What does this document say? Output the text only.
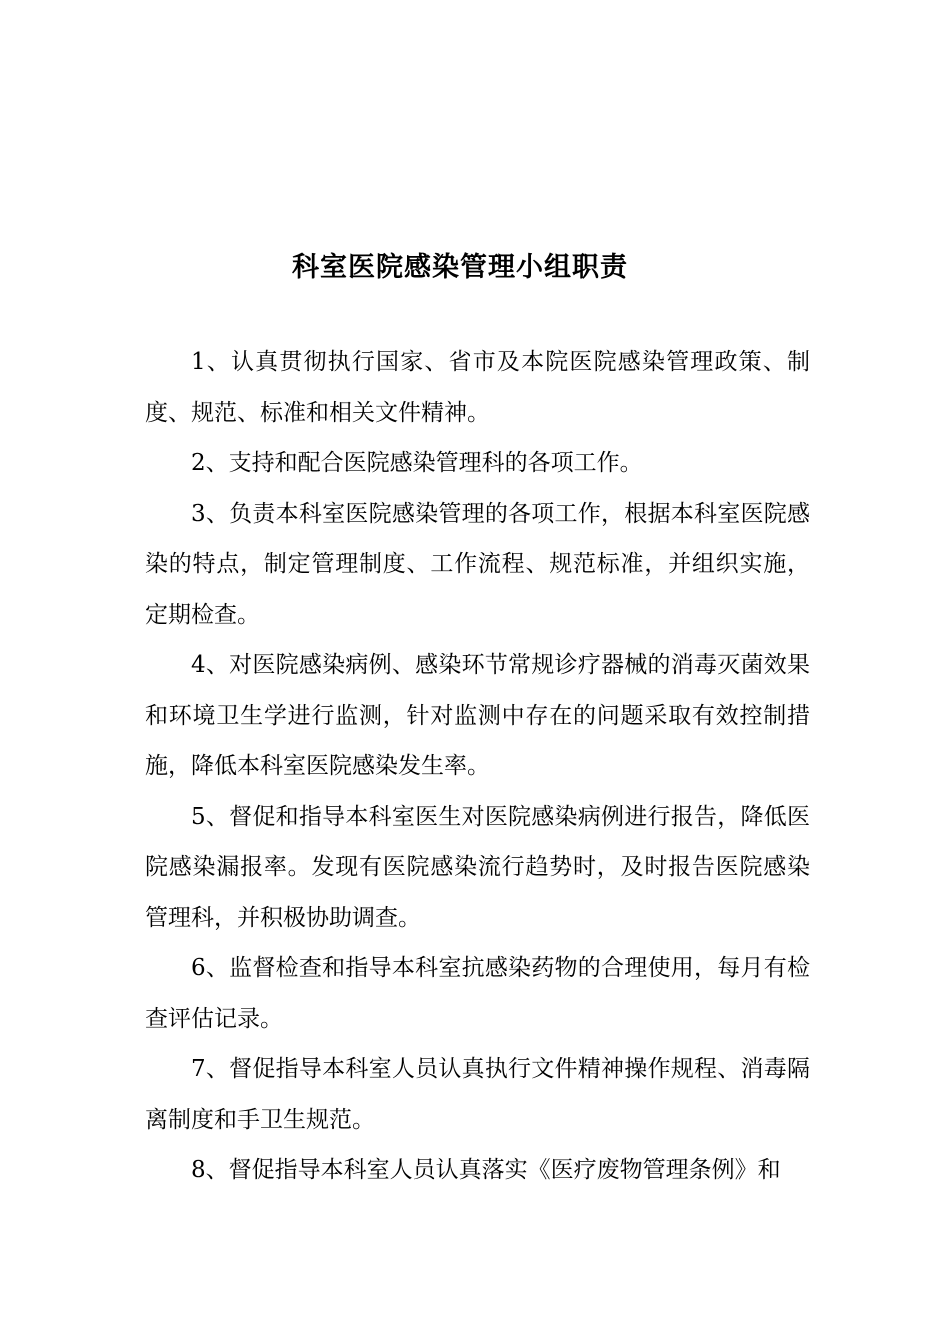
科室医院感染管理小组职责

1、认真贯彻执行国家、省市及本院医院感染管理政策、制度、规范、标准和相关文件精神。

2、支持和配合医院感染管理科的各项工作。

3、负责本科室医院感染管理的各项工作，根据本科室医院感染的特点，制定管理制度、工作流程、规范标准，并组织实施，定期检查。

4、对医院感染病例、感染环节常规诊疗器械的消毒灭菌效果和环境卫生学进行监测，针对监测中存在的问题采取有效控制措施，降低本科室医院感染发生率。

5、督促和指导本科室医生对医院感染病例进行报告，降低医院感染漏报率。发现有医院感染流行趋势时，及时报告医院感染管理科，并积极协助调查。

6、监督检查和指导本科室抗感染药物的合理使用，每月有检查评估记录。

7、督促指导本科室人员认真执行文件精神操作规程、消毒隔离制度和手卫生规范。

8、督促指导本科室人员认真落实《医疗废物管理条例》和
